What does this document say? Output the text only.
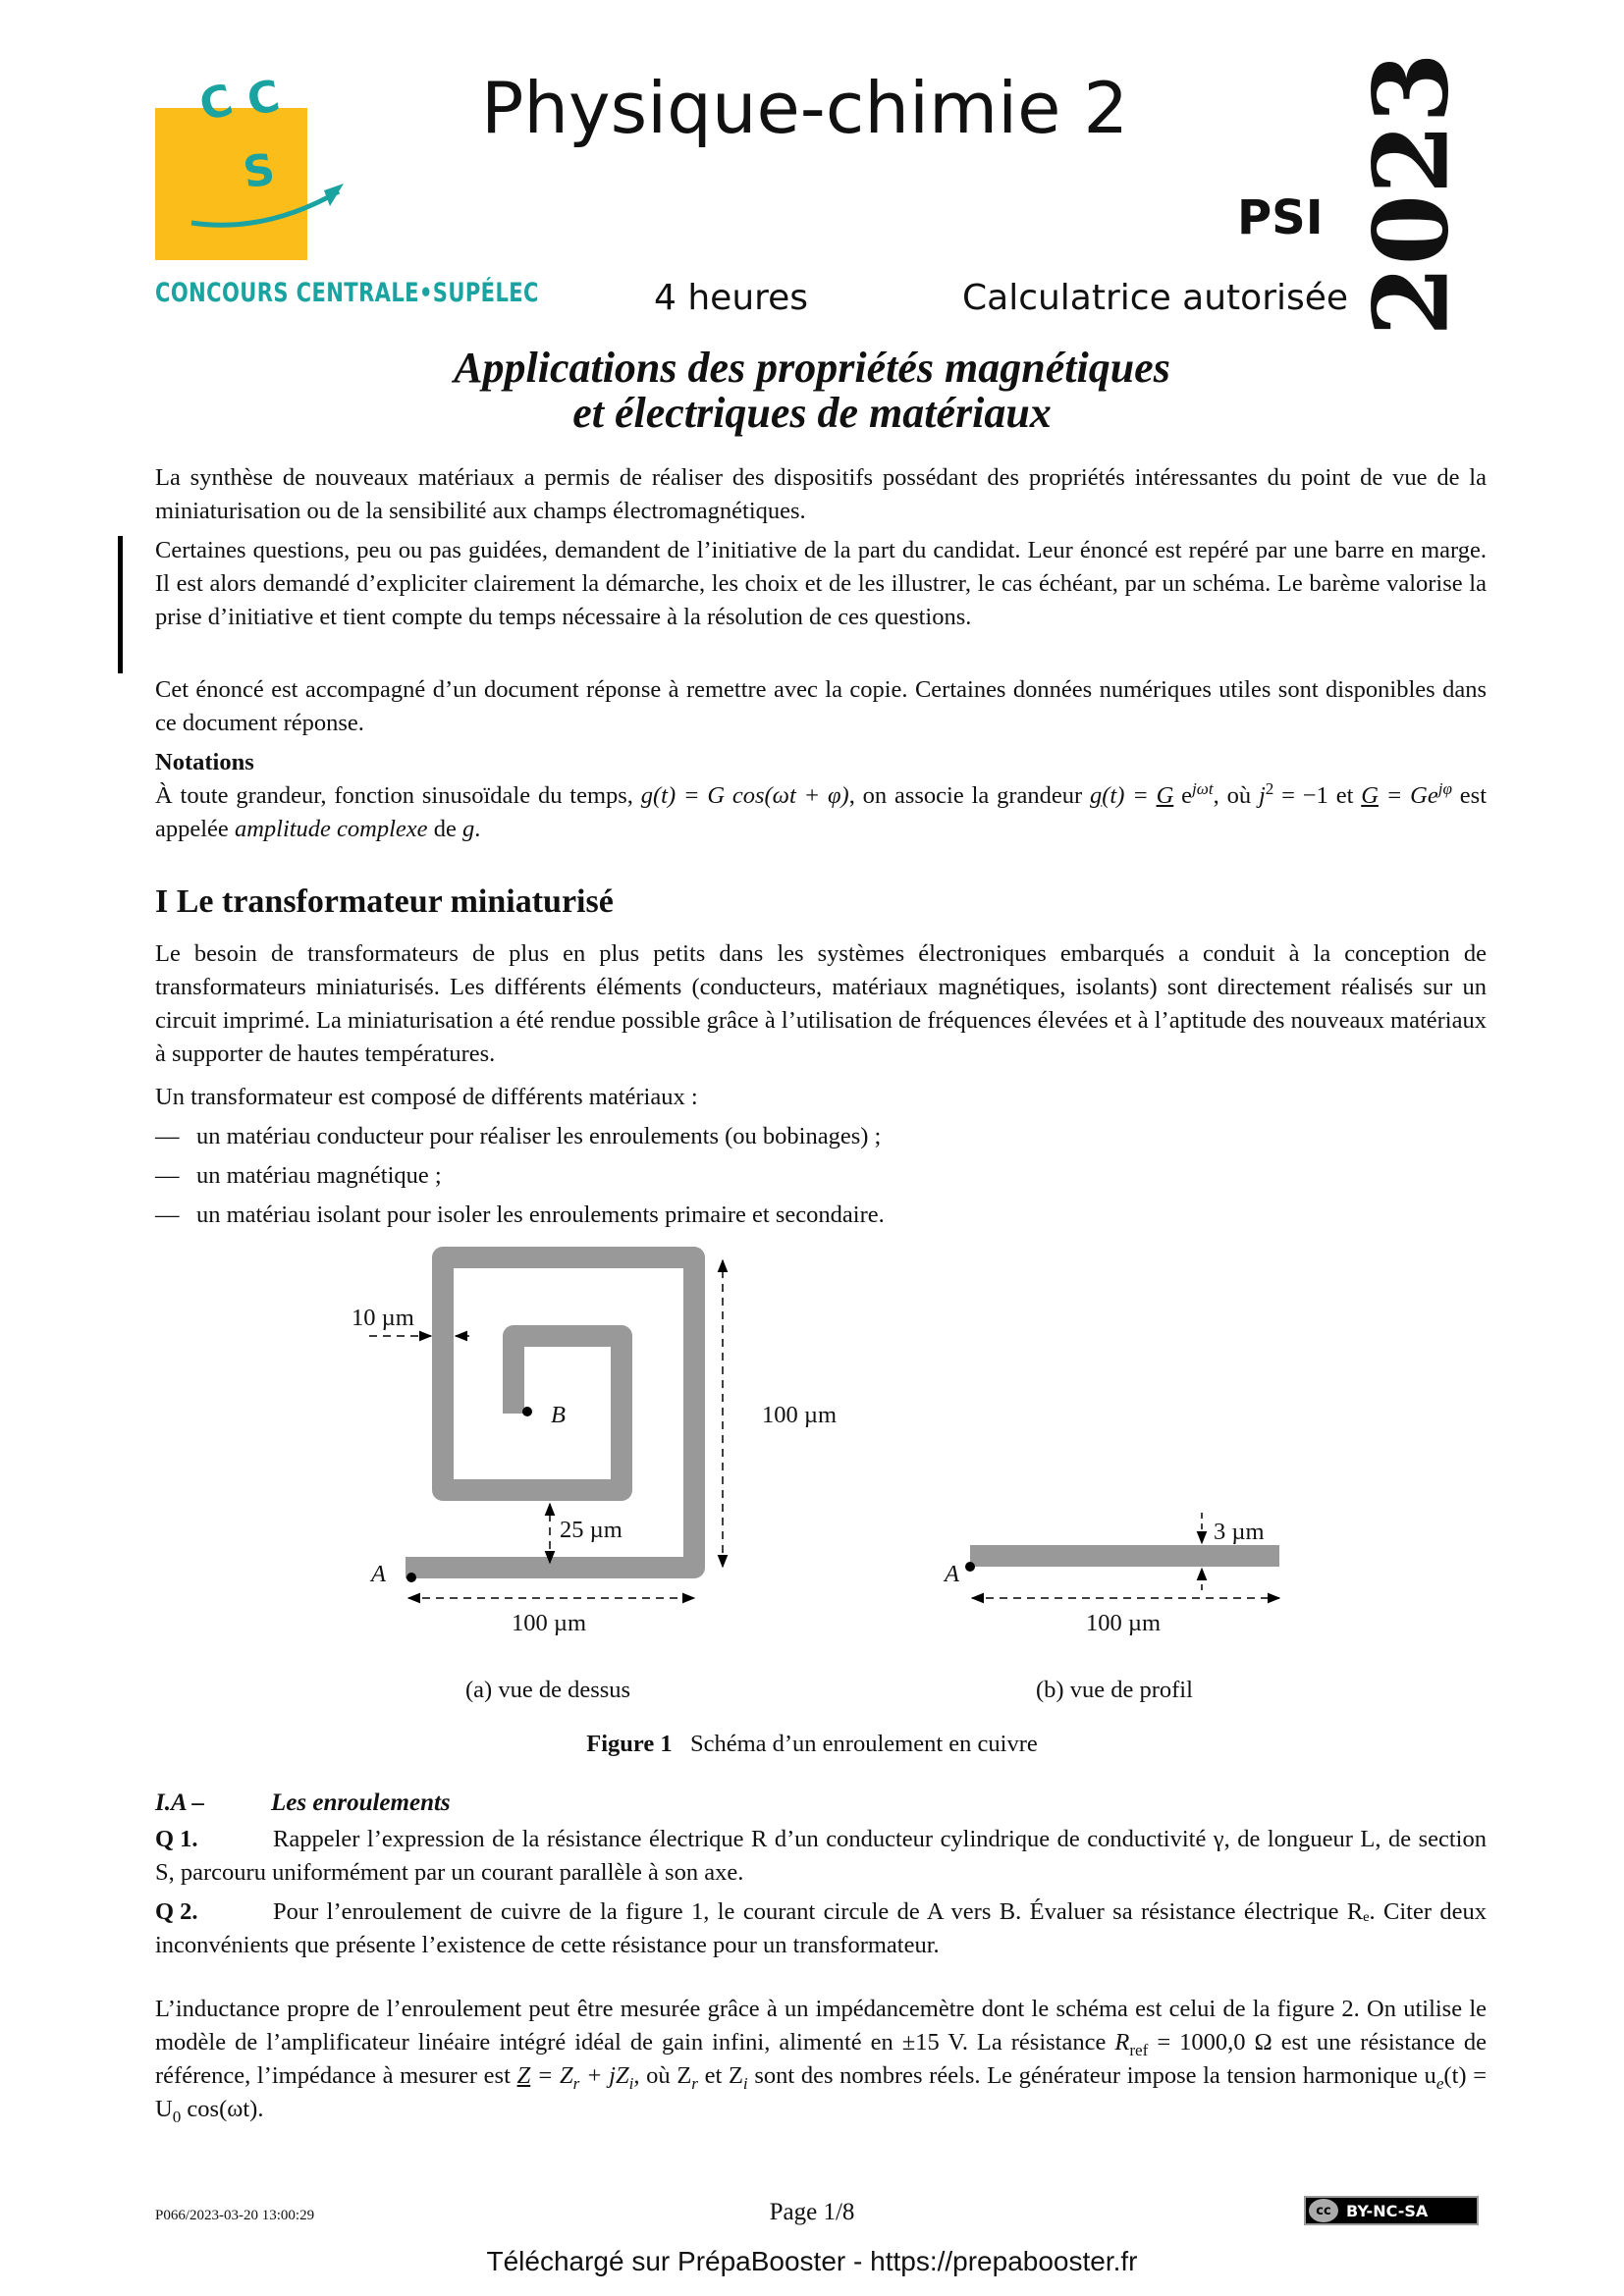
C C
S
CONCOURS CENTRALE•SUPÉLEC
Physique-chimie 2
PSI 2023
4 heures	Calculatrice autorisée
Applications des propriétés magnétiques
et électriques de matériaux

La synthèse de nouveaux matériaux a permis de réaliser des dispositifs possédant des propriétés intéressantes du point de vue de la miniaturisation ou de la sensibilité aux champs électromagnétiques.

Certaines questions, peu ou pas guidées, demandent de l’initiative de la part du candidat. Leur énoncé est repéré par une barre en marge. Il est alors demandé d’expliciter clairement la démarche, les choix et de les illustrer, le cas échéant, par un schéma. Le barème valorise la prise d’initiative et tient compte du temps nécessaire à la résolution de ces questions.

Cet énoncé est accompagné d’un document réponse à remettre avec la copie. Certaines données numériques utiles sont disponibles dans ce document réponse.

Notations

À toute grandeur, fonction sinusoïdale du temps, g(t) = G cos(ωt + φ), on associe la grandeur g(t) = G $e^{j\omega t}$, où $j^2 = -1$ et $G = Ge^{j\varphi}$ est appelée amplitude complexe de g.

I Le transformateur miniaturisé

Le besoin de transformateurs de plus en plus petits dans les systèmes électroniques embarqués a conduit à la conception de transformateurs miniaturisés. Les différents éléments (conducteurs, matériaux magnétiques, isolants) sont directement réalisés sur un circuit imprimé. La miniaturisation a été rendue possible grâce à l’utilisation de fréquences élevées et à l’aptitude des nouveaux matériaux à supporter de hautes températures.

Un transformateur est composé de différents matériaux :

— un matériau conducteur pour réaliser les enroulements (ou bobinages) ;
— un matériau magnétique ;
— un matériau isolant pour isoler les enroulements primaire et secondaire.
10 µm
B	100 µm
25 µm
A
100 µm
3 µm
A
100 µm
(a) vue de dessus	(b) vue de profil
Figure 1 Schéma d’un enroulement en cuivre
I.A –	Les enroulements

Q 1.	Rappeler l’expression de la résistance électrique R d’un conducteur cylindrique de conductivité γ, de longueur L, de section S, parcouru uniformément par un courant parallèle à son axe.

Q 2.	Pour l’enroulement de cuivre de la figure 1, le courant circule de A vers B. Évaluer sa résistance électrique Rₑ. Citer deux inconvénients que présente l’existence de cette résistance pour un transformateur.

L’inductance propre de l’enroulement peut être mesurée grâce à un impédancemètre dont le schéma est celui de la figure 2. On utilise le modèle de l’amplificateur linéaire intégré idéal de gain infini, alimenté en ±15 V. La résistance $R_{ref} = 1000,0$ Ω est une résistance de référence, l’impédance à mesurer est $Z = Z_r + jZ_i$, où $Z_r$ et $Z_i$ sont des nombres réels. Le générateur impose la tension harmonique $u_e(t) = U_0$ cos(ωt).

P066/2023-03-20 13:00:29	Page 1/8	cc BY-NC-SA
Téléchargé sur PrépaBooster - https://prepabooster.fr
